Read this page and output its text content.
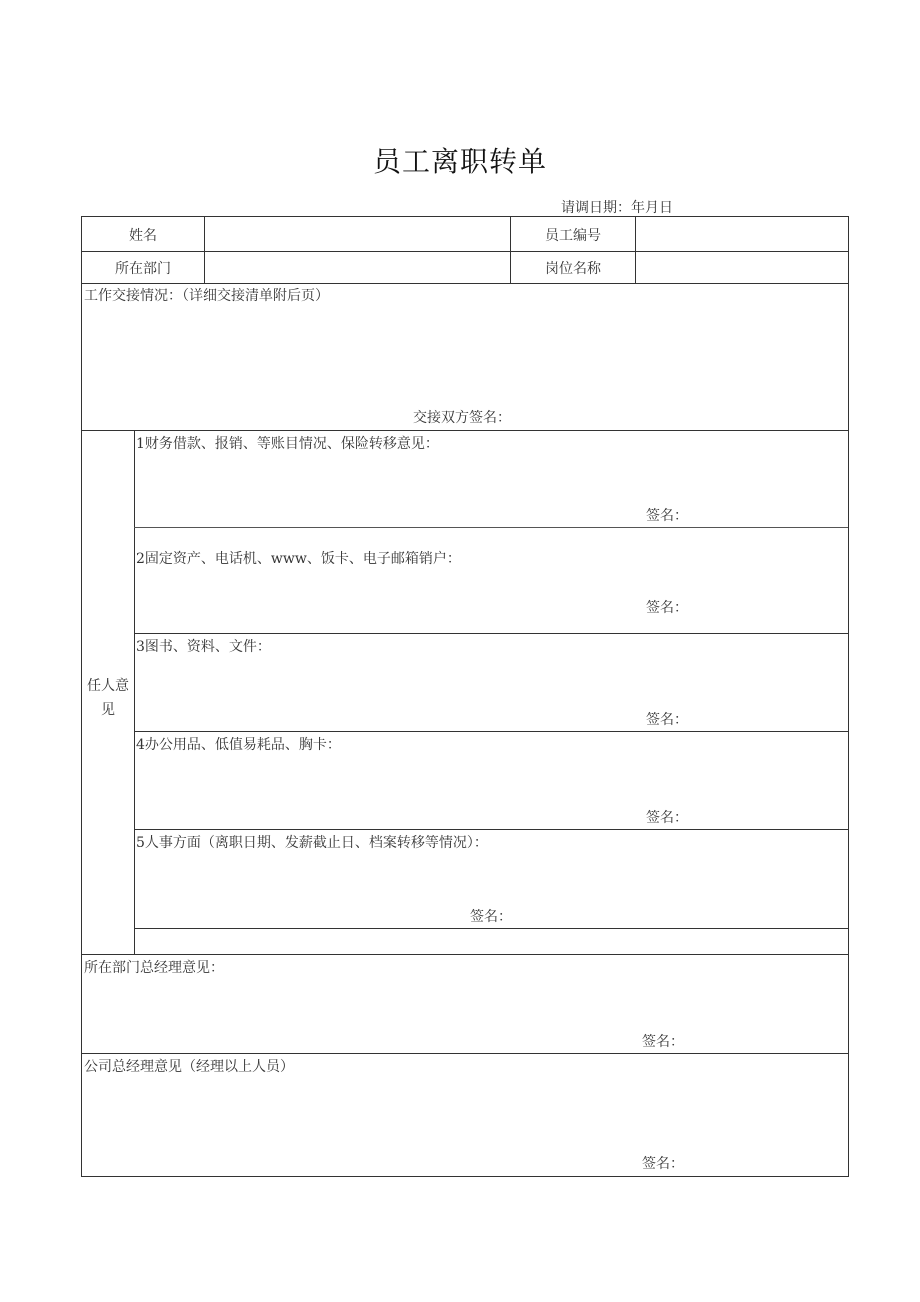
员工离职转单
请调日期：年月日
姓名	员工编号
所在部门	岗位名称
工作交接情况：（详细交接清单附后页）
交接双方签名：
任人意
见
1财务借款、报销、等账目情况、保险转移意见：
签名：
2固定资产、电话机、www、饭卡、电子邮箱销户：
签名：
3图书、资料、文件：
签名：
4办公用品、低值易耗品、胸卡：
签名：
5人事方面（离职日期、发薪截止日、档案转移等情况）：
签名：
所在部门总经理意见：
签名：
公司总经理意见（经理以上人员）
签名：
